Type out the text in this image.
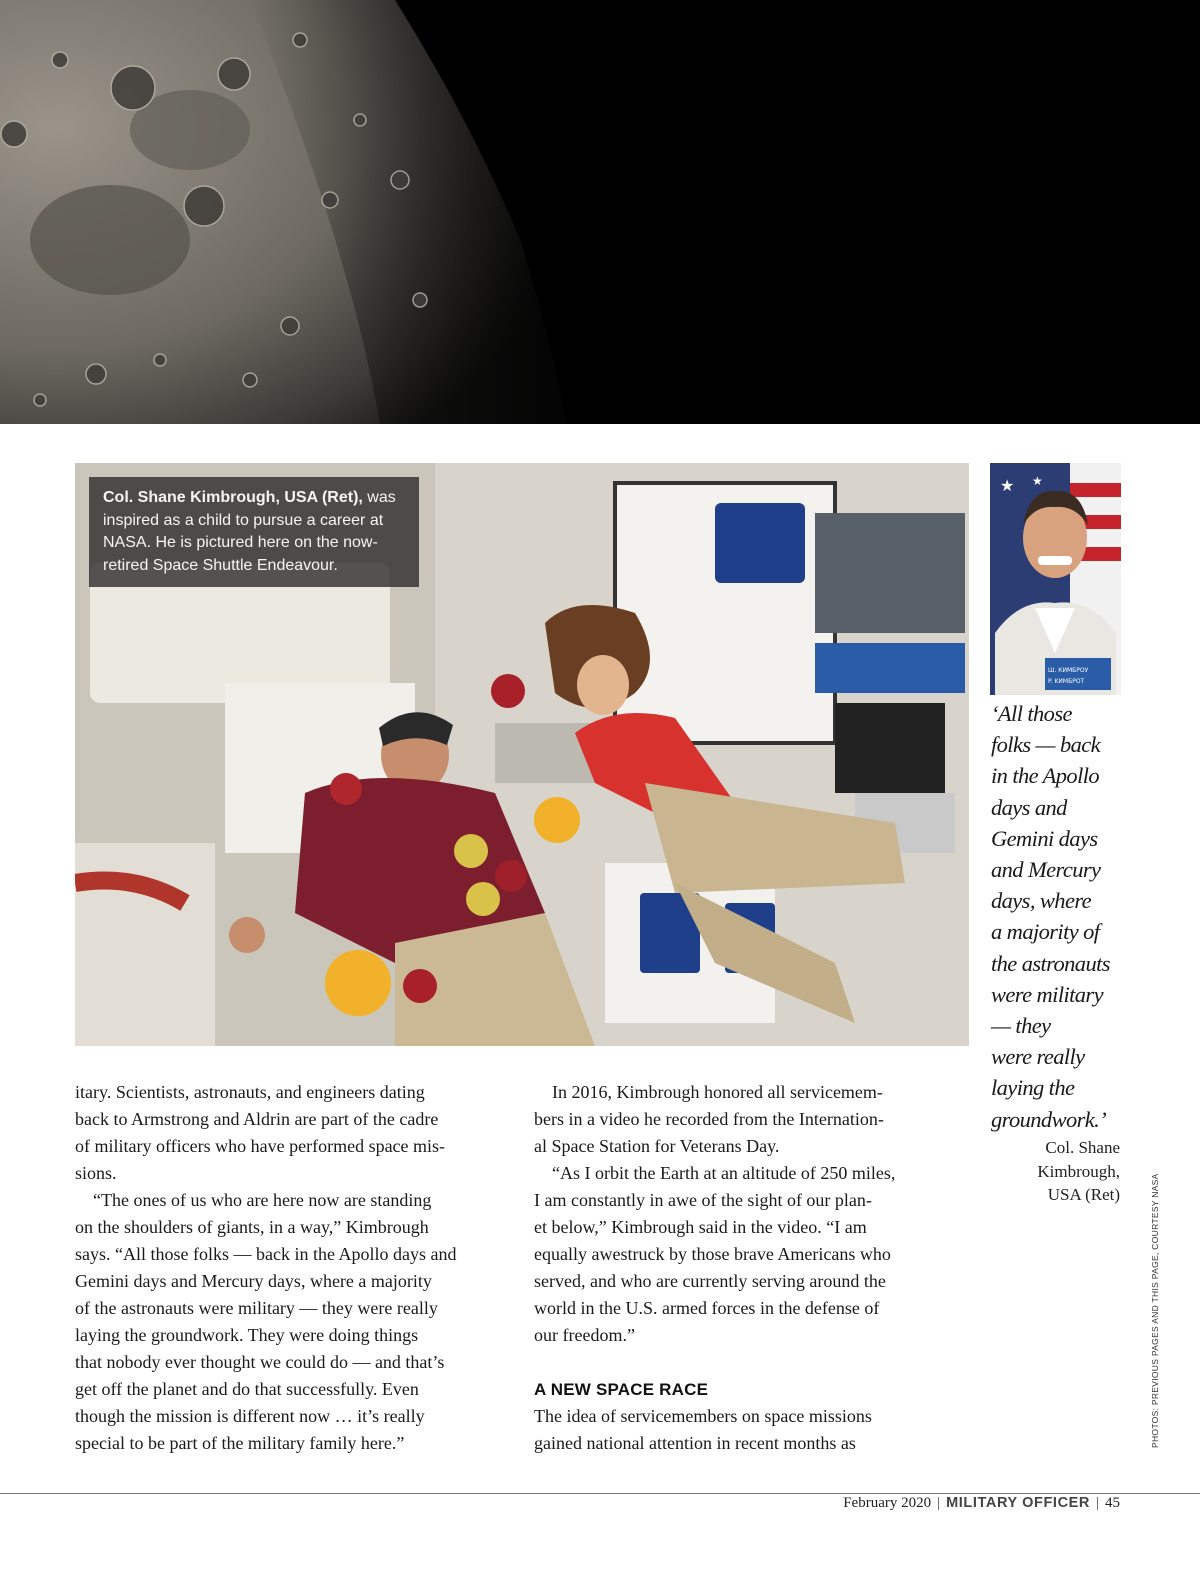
Col. Shane Kimbrough, USA (Ret), was inspired as a child to pursue a career at NASA. He is pictured here on the now-retired Space Shuttle Endeavour.
★ ★
Ш. КИМБРОУ
P. KИМБРОТ
‘All those
folks — back
in the Apollo
days and
Gemini days
and Mercury
days, where
a majority of
the astronauts
were military
— they
were really
laying the
groundwork.’
Col. Shane
Kimbrough,
USA (Ret)
itary. Scientists, astronauts, and engineers dating
back to Armstrong and Aldrin are part of the cadre
of military officers who have performed space mis-
sions.
“The ones of us who are here now are standing
on the shoulders of giants, in a way,” Kimbrough
says. “All those folks — back in the Apollo days and
Gemini days and Mercury days, where a majority
of the astronauts were military — they were really
laying the groundwork. They were doing things
that nobody ever thought we could do — and that’s
get off the planet and do that successfully. Even
though the mission is different now … it’s really
special to be part of the military family here.”
In 2016, Kimbrough honored all servicemem-
bers in a video he recorded from the Internation-
al Space Station for Veterans Day.
“As I orbit the Earth at an altitude of 250 miles,
I am constantly in awe of the sight of our plan-
et below,” Kimbrough said in the video. “I am
equally awestruck by those brave Americans who
served, and who are currently serving around the
world in the U.S. armed forces in the defense of
our freedom.”
A NEW SPACE RACE
The idea of servicemembers on space missions
gained national attention in recent months as	PHOTOS: PREVIOUS PAGES AND THIS PAGE, COURTESY NASA
February 2020 | MILITARY OFFICER | 45
